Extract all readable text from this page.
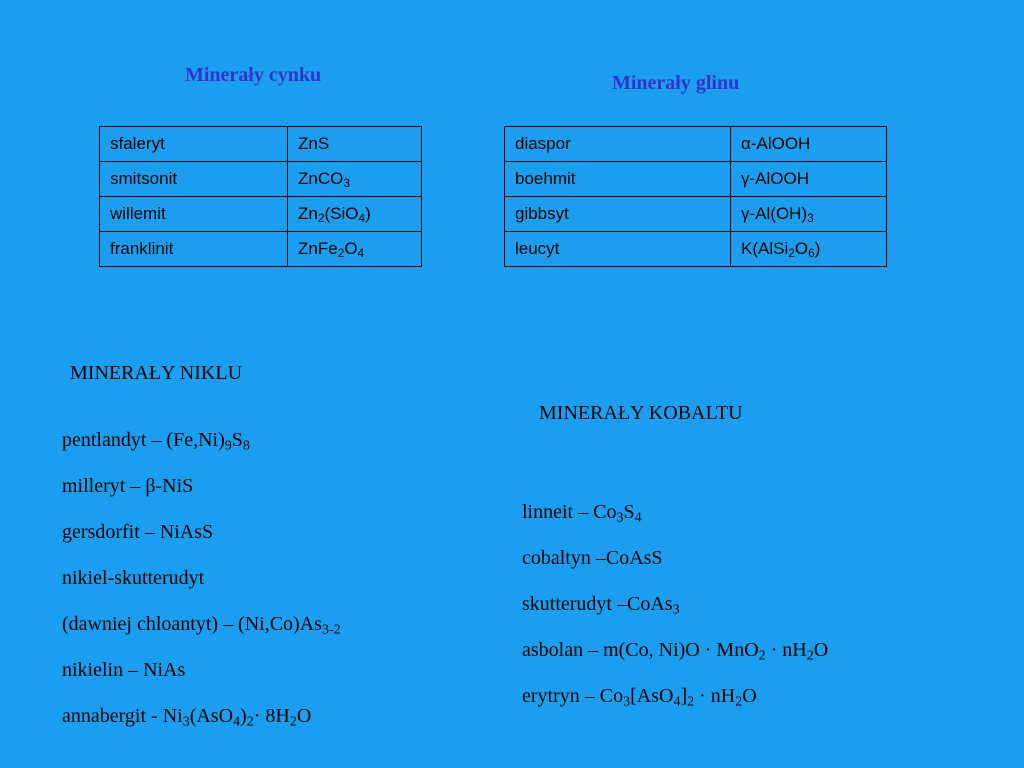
Minerały cynku
sfaleryt	ZnS
smitsonit	ZnCO$_3$
willemit	$Zn_2(SiO_4)$
franklinit	$ZnFe_2O_4$
Minerały glinu
diaspor	α-AlOOH
boehmit	γ-AlOOH
gibbsyt	$\gamma-Al(OH)_3$
leucyt	$K(AlSi_2O_6)$
MINERAŁY NIKLU
pentlandyt – $(Fe,Ni)_9S_8$
milleryt – β-NiS
gersdorfit – NiAsS
nikiel-skutterudyt
(dawniej chloantyt) – $(Ni,Co)As_{3-2}$
nikielin – NiAs
annabergit - $Ni_3(AsO_4)_2\cdot 8H_2O$
MINERAŁY KOBALTU
linneit – $Co_3S_4$
cobaltyn –CoAsS
skutterudyt –CoAs$_3$
asbolan – m(Co, $Ni)O \cdot MnO_2 \cdot nH_2O$
erytryn – $Co_3[AsO_4]_2 \cdot nH_2O$
